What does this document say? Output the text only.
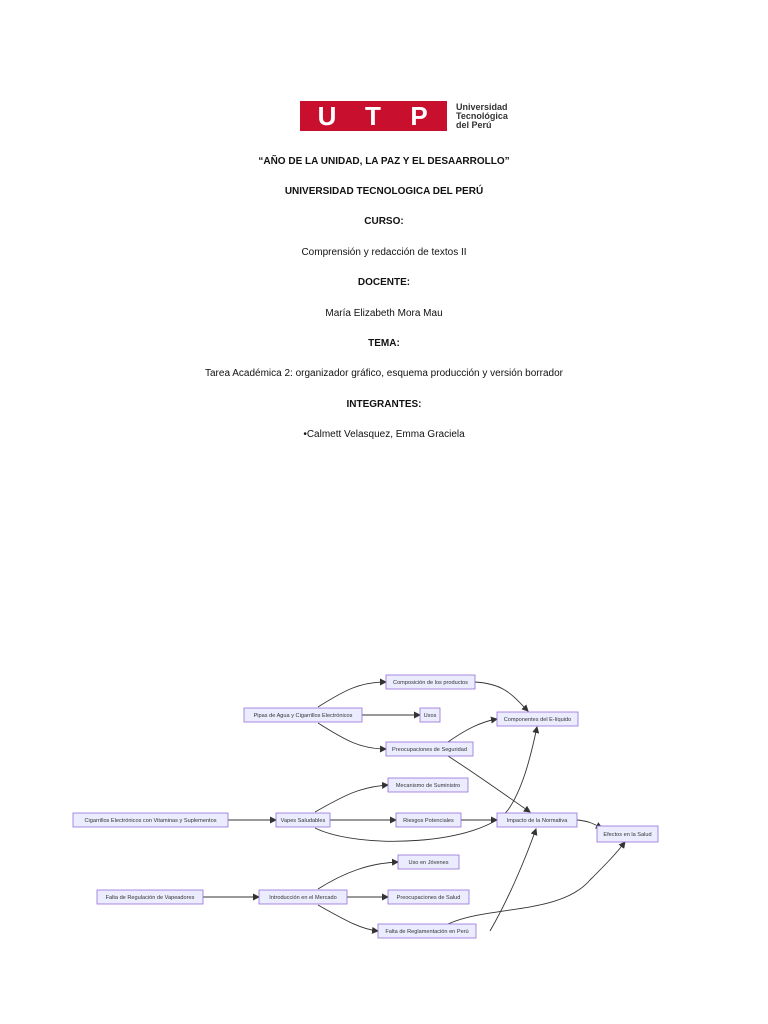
U T P	Universidad
Tecnológica
del Perú
“AÑO DE LA UNIDAD, LA PAZ Y EL DESAARROLLO”
UNIVERSIDAD TECNOLOGICA DEL PERÚ
CURSO:
Comprensión y redacción de textos II
DOCENTE:
María Elizabeth Mora Mau
TEMA:
Tarea Académica 2: organizador gráfico, esquema producción y versión borrador
INTEGRANTES:
•Calmett Velasquez, Emma Graciela
Pipas de Agua y Cigarrillos Electrónicos
Composición de los productos
Usos
Componentes del E-líquido
Preocupaciones de Seguridad
Mecanismo de Suministro
Cigarrillos Electrónicos con Vitaminas y Suplementos	Vapes Saludables	Riesgos Potenciales	Impacto de la Normativa
Efectos en la Salud
Uso en Jóvenes
Falta de Regulación de Vapeadores	Introducción en el Mercado	Preocupaciones de Salud
Falta de Reglamentación en Perú
